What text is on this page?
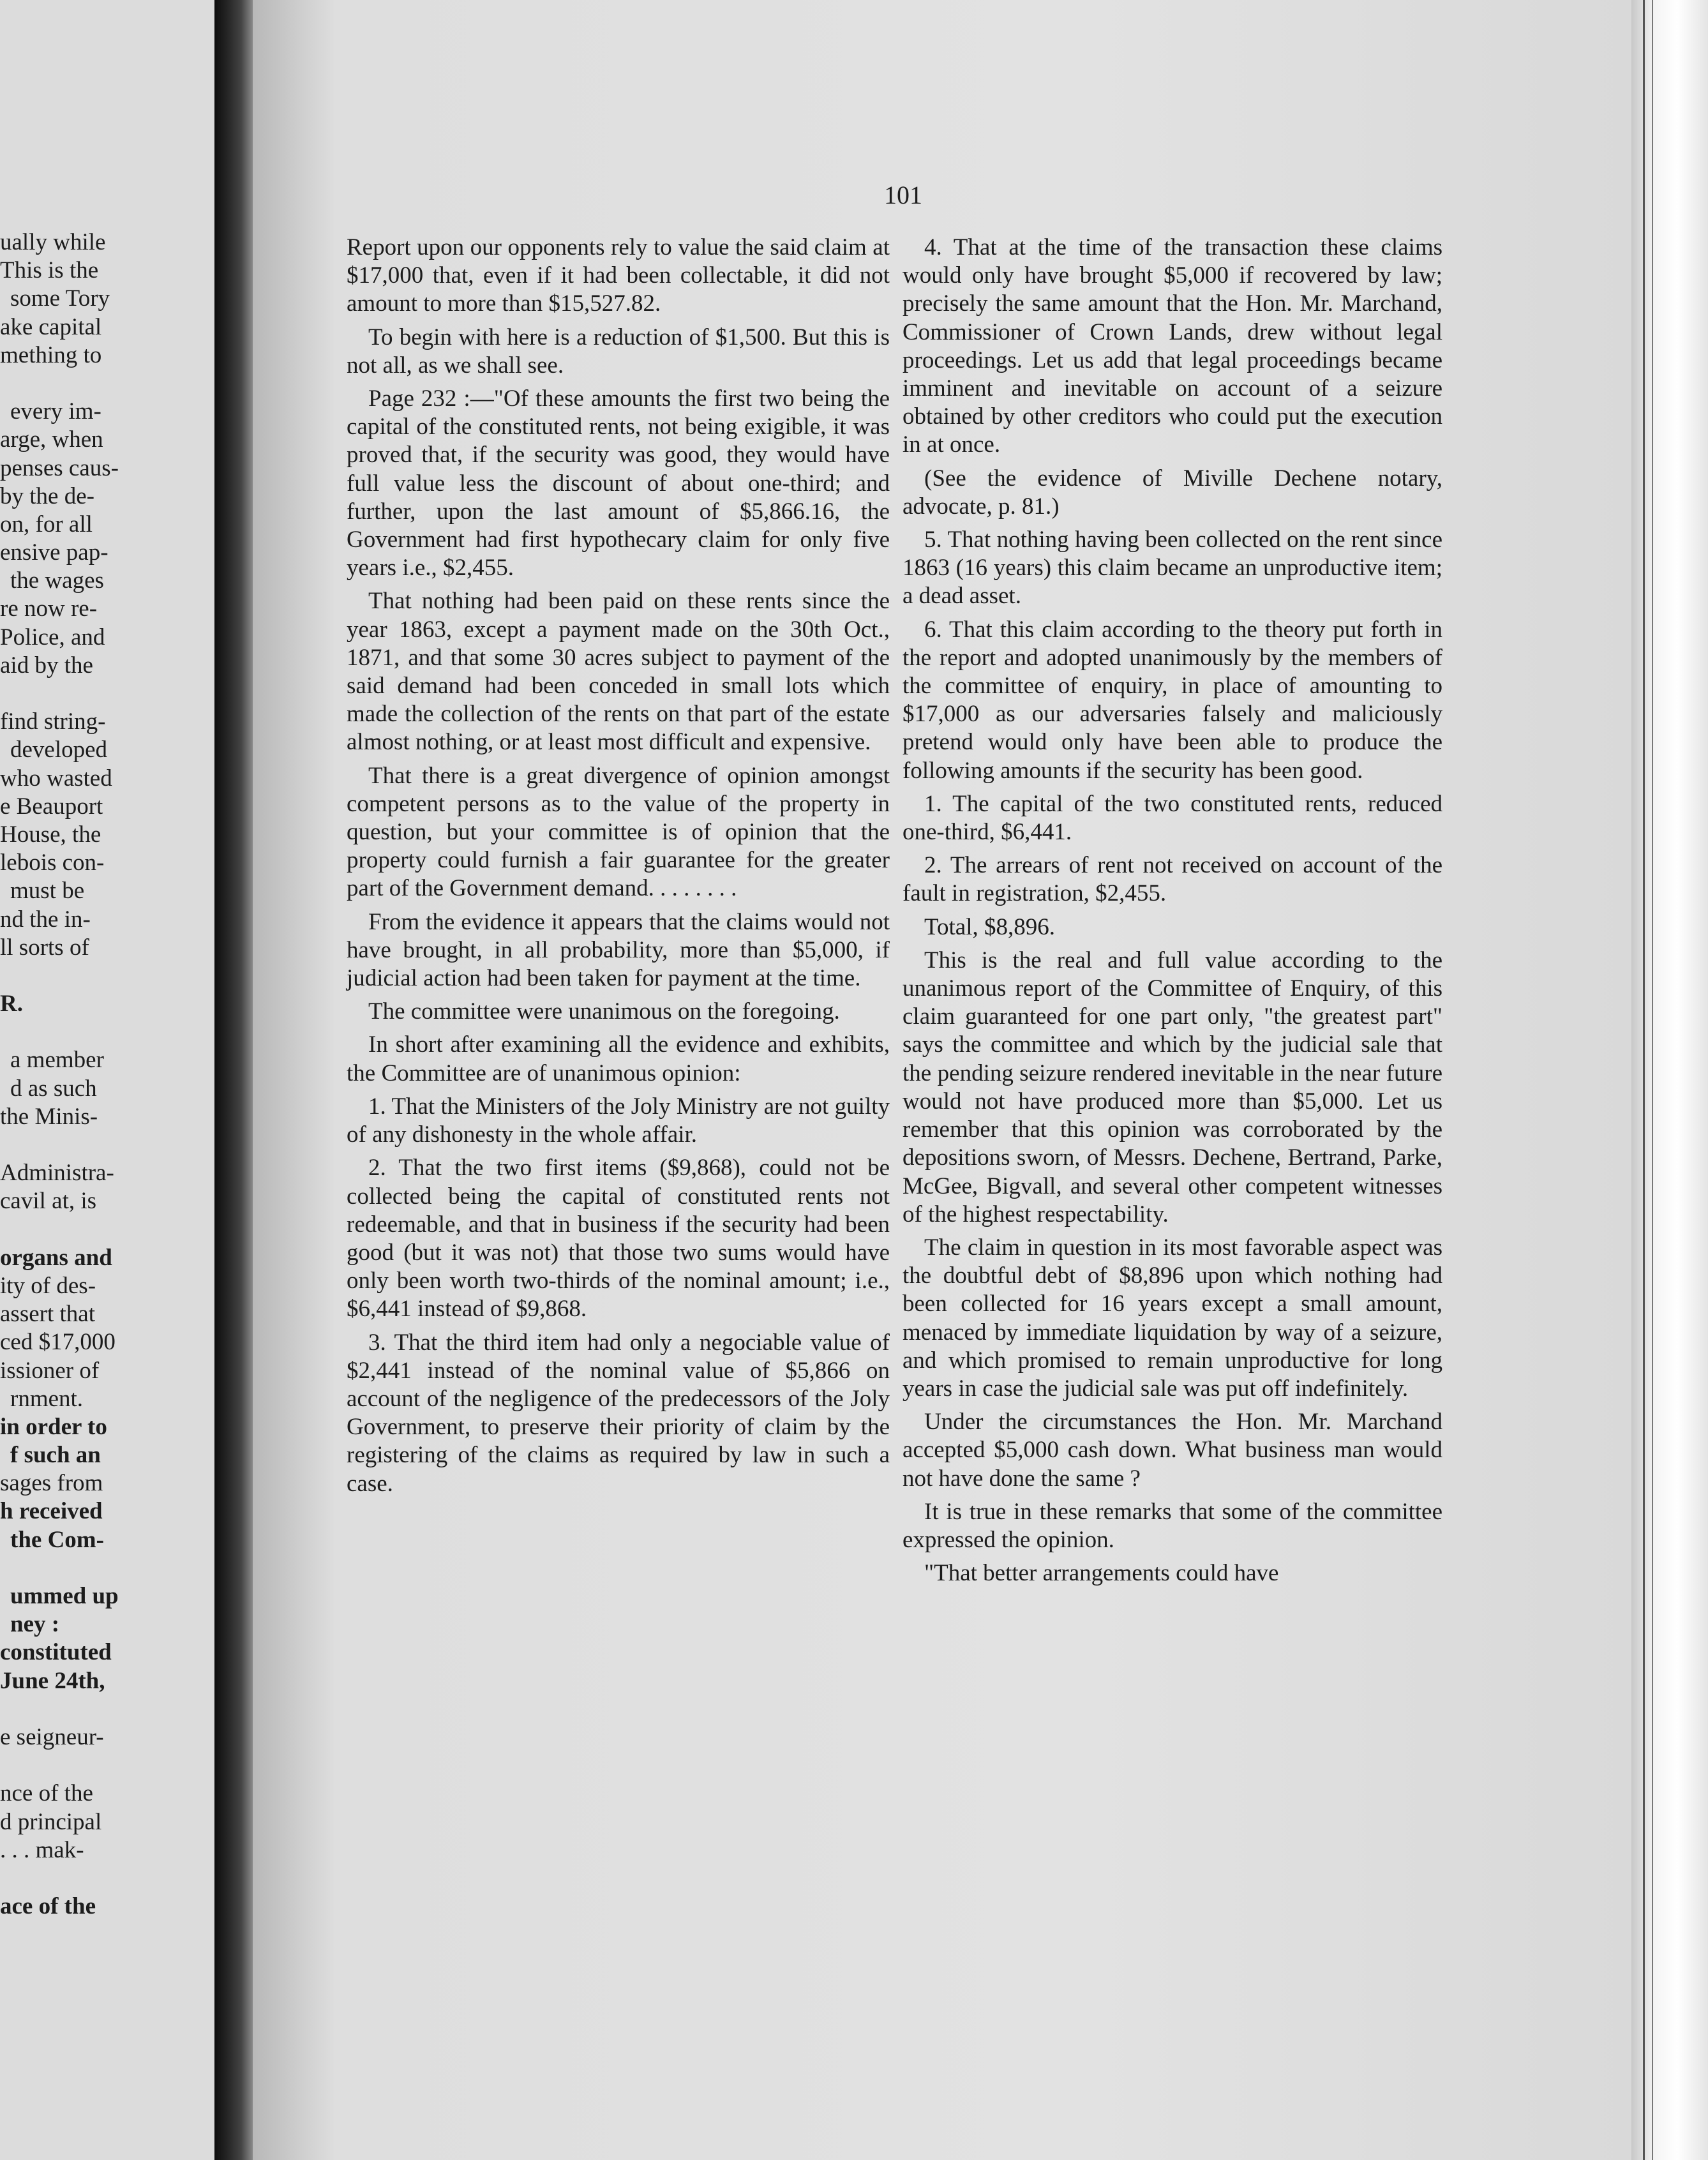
ually while
This is the
some Tory
ake capital
mething to
every im-
arge, when
penses caus-
by the de-
on, for all
ensive pap-
the wages
re now re-
Police, and
aid by the
find string-
developed
who wasted
e Beauport
House, the
lebois con-
must be
nd the in-
ll sorts of
R.
a member
d as such
the Minis-
Administra-
cavil at, is
organs and
ity of des-
assert that
ced $17,000
issioner of
rnment.
in order to
f such an
sages from
h received
the Com-
ummed up
ney :
constituted
June 24th,
e seigneur-
nce of the
d principal
. . . mak-
ace of the
101

Report upon our opponents rely to value the said claim at $17,000 that, even if it had been collectable, it did not amount to more than $15,527.82.

To begin with here is a reduction of $1,500. But this is not all, as we shall see.

Page 232 :—"Of these amounts the first two being the capital of the constituted rents, not being exigible, it was proved that, if the security was good, they would have full value less the discount of about one-third; and further, upon the last amount of $5,866.16, the Government had first hypothecary claim for only five years i.e., $2,455.

That nothing had been paid on these rents since the year 1863, except a payment made on the 30th Oct., 1871, and that some 30 acres subject to payment of the said demand had been conceded in small lots which made the collection of the rents on that part of the estate almost nothing, or at least most difficult and expensive.

That there is a great divergence of opinion amongst competent persons as to the value of the property in question, but your committee is of opinion that the property could furnish a fair guarantee for the greater part of the Government demand. . . . . . . .

From the evidence it appears that the claims would not have brought, in all probability, more than $5,000, if judicial action had been taken for payment at the time.

The committee were unanimous on the foregoing.

In short after examining all the evidence and exhibits, the Committee are of unanimous opinion:

1. That the Ministers of the Joly Ministry are not guilty of any dishonesty in the whole affair.

2. That the two first items ($9,868), could not be collected being the capital of constituted rents not redeemable, and that in business if the security had been good (but it was not) that those two sums would have only been worth two-thirds of the nominal amount; i.e., $6,441 instead of $9,868.

3. That the third item had only a negociable value of $2,441 instead of the nominal value of $5,866 on account of the negligence of the predecessors of the Joly Government, to preserve their priority of claim by the registering of the claims as required by law in such a case.

4. That at the time of the transaction these claims would only have brought $5,000 if recovered by law; precisely the same amount that the Hon. Mr. Marchand, Commissioner of Crown Lands, drew without legal proceedings. Let us add that legal proceedings became imminent and inevitable on account of a seizure obtained by other creditors who could put the execution in at once.

(See the evidence of Miville Dechene notary, advocate, p. 81.)

5. That nothing having been collected on the rent since 1863 (16 years) this claim became an unproductive item; a dead asset.

6. That this claim according to the theory put forth in the report and adopted unanimously by the members of the committee of enquiry, in place of amounting to $17,000 as our adversaries falsely and maliciously pretend would only have been able to produce the following amounts if the security has been good.

1. The capital of the two constituted rents, reduced one-third, $6,441.

2. The arrears of rent not received on account of the fault in registration, $2,455.

Total, $8,896.

This is the real and full value according to the unanimous report of the Committee of Enquiry, of this claim guaranteed for one part only, "the greatest part" says the committee and which by the judicial sale that the pending seizure rendered inevitable in the near future would not have produced more than $5,000. Let us remember that this opinion was corroborated by the depositions sworn, of Messrs. Dechene, Bertrand, Parke, McGee, Bigvall, and several other competent witnesses of the highest respectability.

The claim in question in its most favorable aspect was the doubtful debt of $8,896 upon which nothing had been collected for 16 years except a small amount, menaced by immediate liquidation by way of a seizure, and which promised to remain unproductive for long years in case the judicial sale was put off indefinitely.

Under the circumstances the Hon. Mr. Marchand accepted $5,000 cash down. What business man would not have done the same ?

It is true in these remarks that some of the committee expressed the opinion.

"That better arrangements could have
